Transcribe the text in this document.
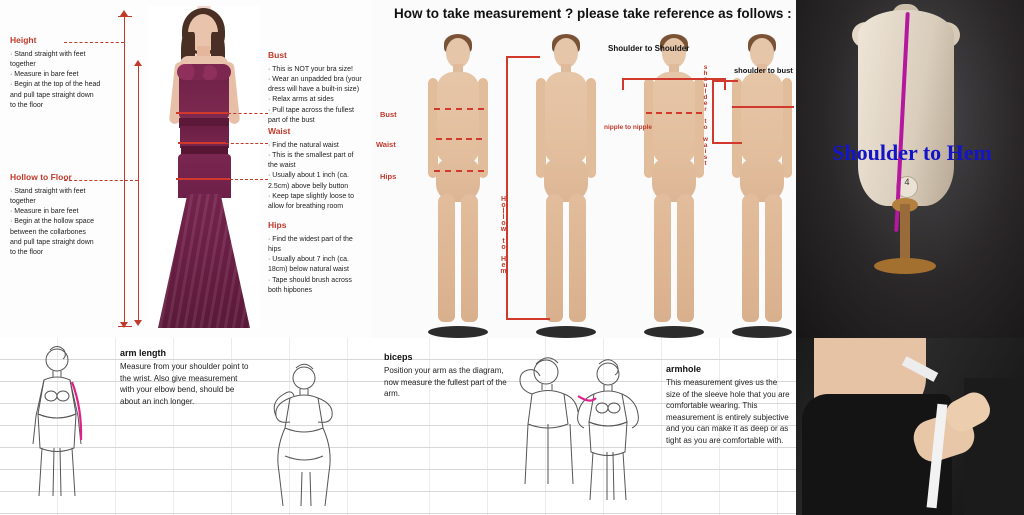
Height
· Stand straight with feet
together
· Measure in bare feet
· Begin at the top of the head
and pull tape straight down
to the floor
Hollow to Floor
· Stand straight with feet
together
· Measure in bare feet
· Begin at the hollow space
between the collarbones
and pull tape straight down
to the floor
Bust
· This is NOT your bra size!
· Wear an unpadded bra (your
dress will have a built-in size)
· Relax arms at sides
· Pull tape across the fullest
part of the bust
Waist
· Find the natural waist
· This is the smallest part of
the waist
· Usually about 1 inch (ca.
2.5cm) above belly button
· Keep tape slightly loose to
allow for breathing room
Hips
· Find the widest part of the
hips
· Usually about 7 inch (ca.
18cm) below natural waist
· Tape should brush across
both hipbones
How to take measurement ? please take reference as follows :
Bust
Waist
Hips
Hollow to Hem
Shoulder to Shoulder
nipple to nipple	shoulder to waist	shoulder to bust
4
Shoulder to Hem
arm length
Measure from your shoulder point to the wrist. Also give measurement with your elbow bend, should be about an inch longer.
biceps
Position your arm as the diagram, now measure the fullest part of the arm.
armhole
This measurement gives us the size of the sleeve hole that you are comfortable wearing. This measurement is entirely subjective and you can make it as deep or as tight as you are comfortable with.
